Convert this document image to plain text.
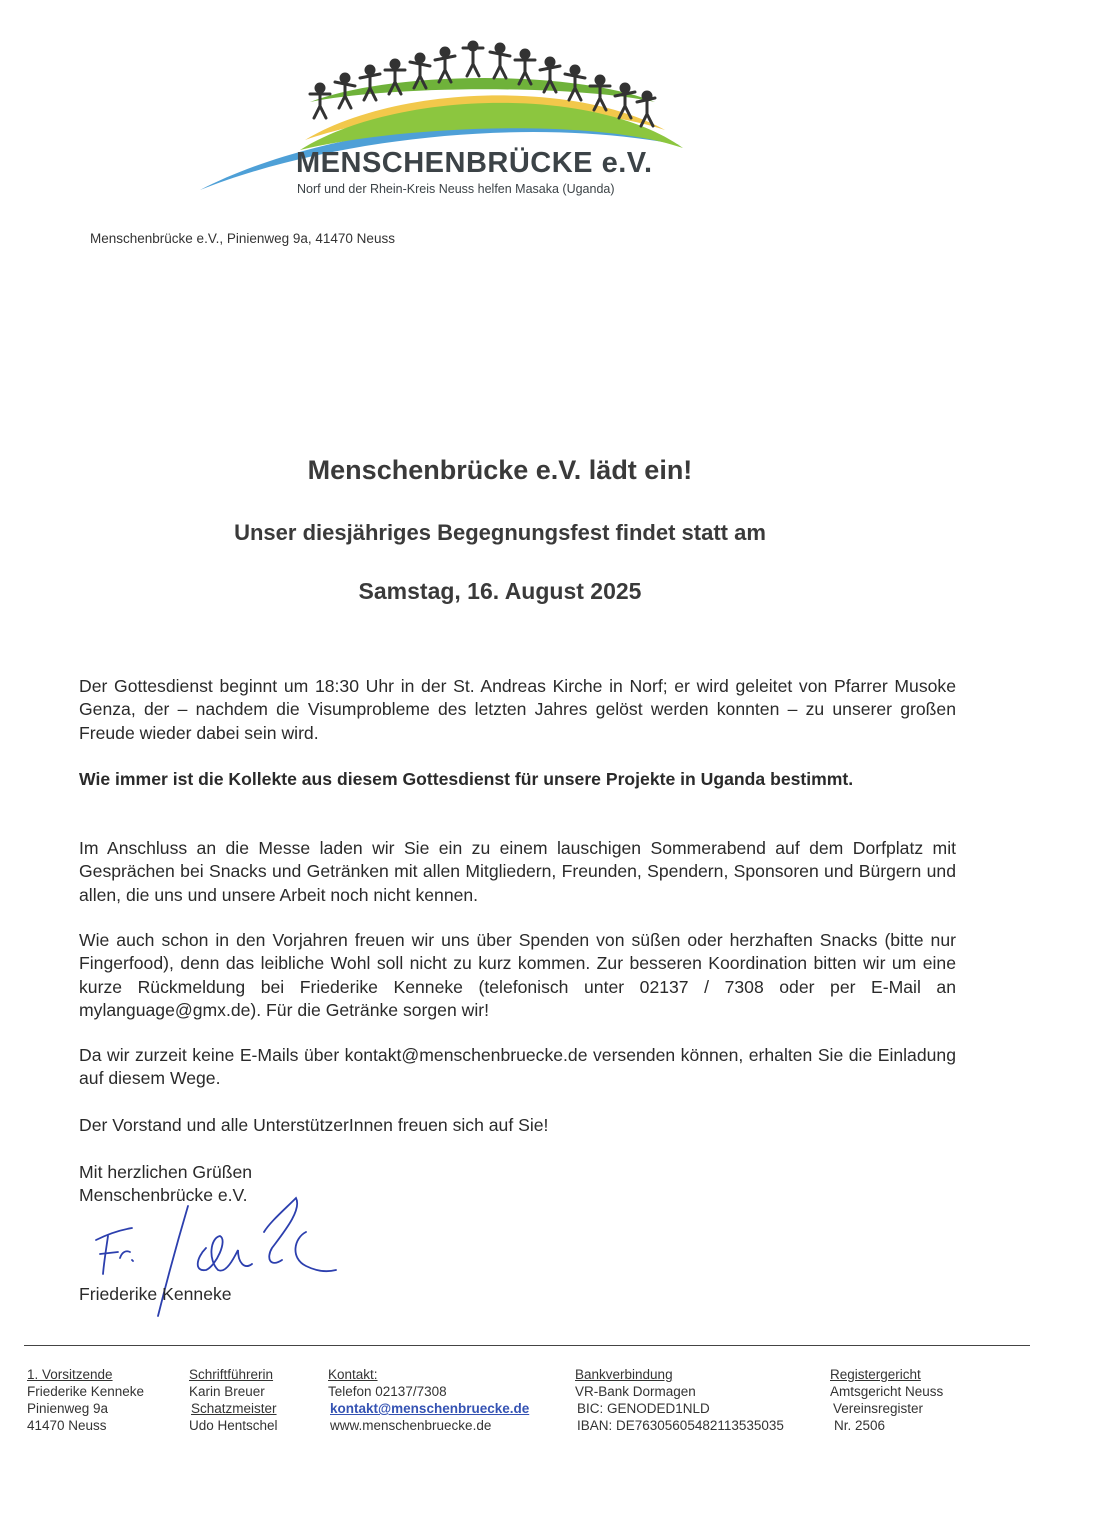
MENSCHENBRÜCKE e.V.
Norf und der Rhein-Kreis Neuss helfen Masaka (Uganda)
Menschenbrücke e.V., Pinienweg 9a, 41470 Neuss
Menschenbrücke e.V. lädt ein!
Unser diesjähriges Begegnungsfest findet statt am
Samstag, 16. August 2025
Der Gottesdienst beginnt um 18:30 Uhr in der St. Andreas Kirche in Norf; er wird geleitet von Pfarrer Musoke Genza, der – nachdem die Visumprobleme des letzten Jahres gelöst werden konnten – zu unserer großen Freude wieder dabei sein wird.
Wie immer ist die Kollekte aus diesem Gottesdienst für unsere Projekte in Uganda bestimmt.
Im Anschluss an die Messe laden wir Sie ein zu einem lauschigen Sommerabend auf dem Dorfplatz mit Gesprächen bei Snacks und Getränken mit allen Mitgliedern, Freunden, Spendern, Sponsoren und Bürgern und allen, die uns und unsere Arbeit noch nicht kennen.
Wie auch schon in den Vorjahren freuen wir uns über Spenden von süßen oder herzhaften Snacks (bitte nur Fingerfood), denn das leibliche Wohl soll nicht zu kurz kommen. Zur besseren Koordination bitten wir um eine kurze Rückmeldung bei Friederike Kenneke (telefonisch unter 02137 / 7308 oder per E-Mail an mylanguage@gmx.de). Für die Getränke sorgen wir!
Da wir zurzeit keine E-Mails über kontakt@menschenbruecke.de versenden können, erhalten Sie die Einladung auf diesem Wege.
Der Vorstand und alle UnterstützerInnen freuen sich auf Sie!
Mit herzlichen Grüßen
Menschenbrücke e.V.
Fr.
Friederike Kenneke
1. Vorsitzende
Friederike Kenneke
Pinienweg 9a
41470 Neuss
Schriftführerin
Karin Breuer
Schatzmeister
Udo Hentschel
Kontakt:
Telefon 02137/7308
kontakt@menschenbruecke.de
www.menschenbruecke.de
Bankverbindung
VR-Bank Dormagen
BIC: GENODED1NLD
IBAN: DE76305605482113535035
Registergericht
Amtsgericht Neuss
Vereinsregister
Nr. 2506
